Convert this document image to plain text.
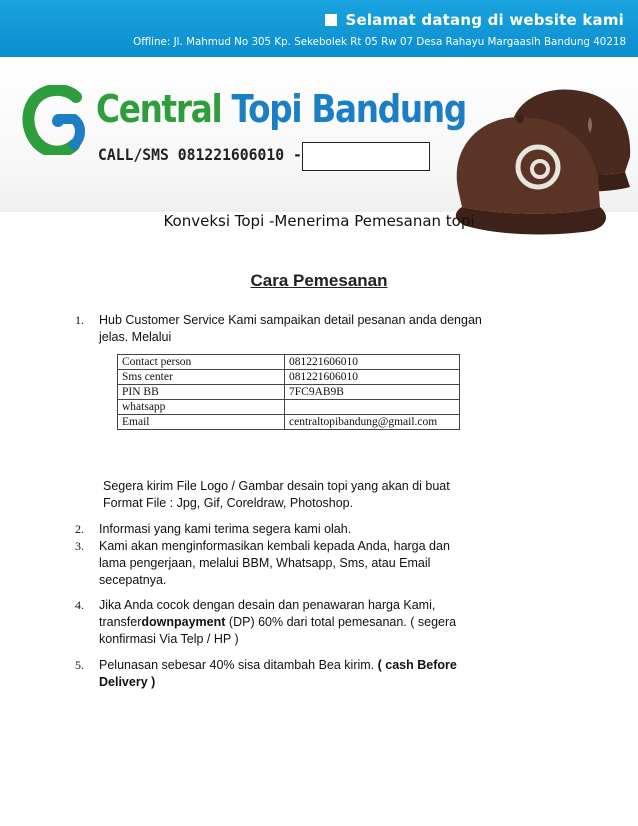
Selamat datang di website kami
Offline: Jl. Mahmud No 305 Kp. Sekebolek Rt 05 Rw 07 Desa Rahayu Margaasih Bandung 40218
Central Topi Bandung
CALL/SMS 081221606010 -
Konveksi Topi -Menerima Pemesanan topi
Cara Pemesanan
1. Hub Customer Service Kami sampaikan detail pesanan anda dengan jelas. Melalui
Contact person	081221606010
Sms center	081221606010
PIN BB	7FC9AB9B
whatsapp	
Email	centraltopibandung@gmail.com
Segera kirim File Logo / Gambar desain topi yang akan di buat Format File : Jpg, Gif, Coreldraw, Photoshop.
2. Informasi yang kami terima segera kami olah.
3. Kami akan menginformasikan kembali kepada Anda, harga dan lama pengerjaan, melalui BBM, Whatsapp, Sms, atau Email secepatnya.
4. Jika Anda cocok dengan desain dan penawaran harga Kami, transferdownpayment (DP) 60% dari total pemesanan. ( segera konfirmasi Via Telp / HP )
5. Pelunasan sebesar 40% sisa ditambah Bea kirim. ( cash Before Delivery )
